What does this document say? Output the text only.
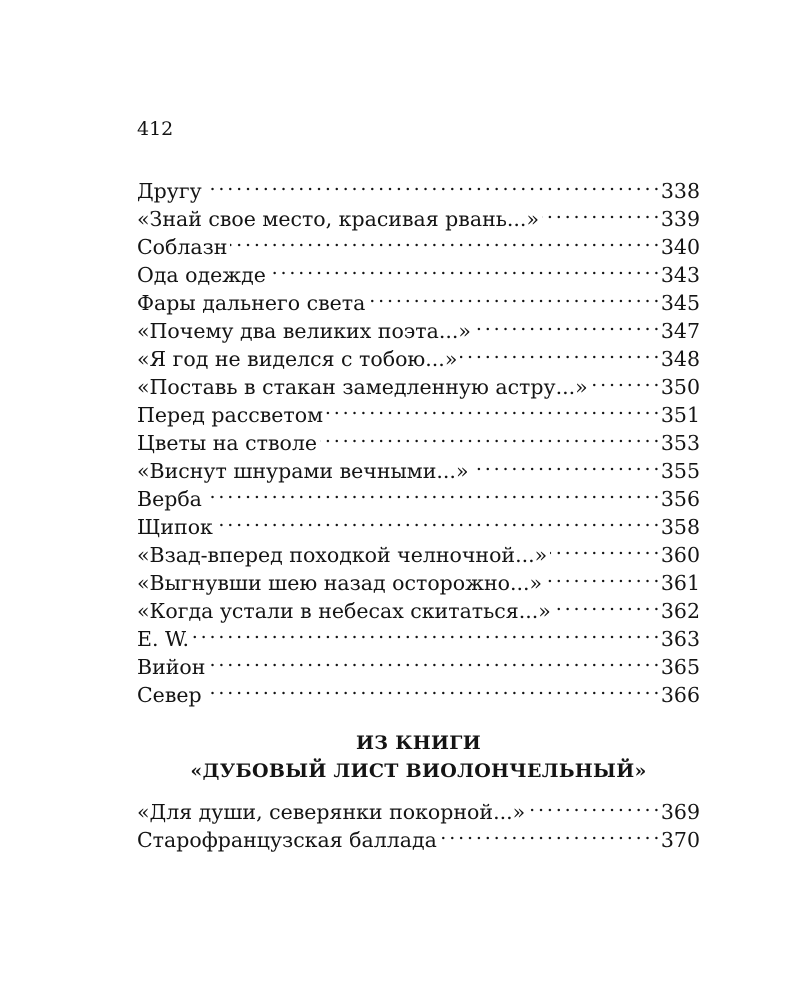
412
Другу . . .	338
«Знай свое место, красивая рвань...» . . .	339
Соблазн . . .	340
Ода одежде . . .	343
Фары дальнего света . . .	345
«Почему два великих поэта...» . . .	347
«Я год не виделся с тобою...» . . .	348
«Поставь в стакан замедленную астру...» . . .	350
Перед рассветом . . .	351
Цветы на стволе . . .	353
«Виснут шнурами вечными...» . . .	355
Верба . . .	356
Щипок . . .	358
«Взад-вперед походкой челночной...» . . .	360
«Выгнувши шею назад осторожно...» . . .	361
«Когда устали в небесах скитаться...» . . .	362
E. W. . . .	363
Вийон . . .	365
Север . . .	366
ИЗ КНИГИ
«ДУБОВЫЙ ЛИСТ ВИОЛОНЧЕЛЬНЫЙ»
«Для души, северянки покорной...» . . .	369
Старофранцузская баллада . . .	370
